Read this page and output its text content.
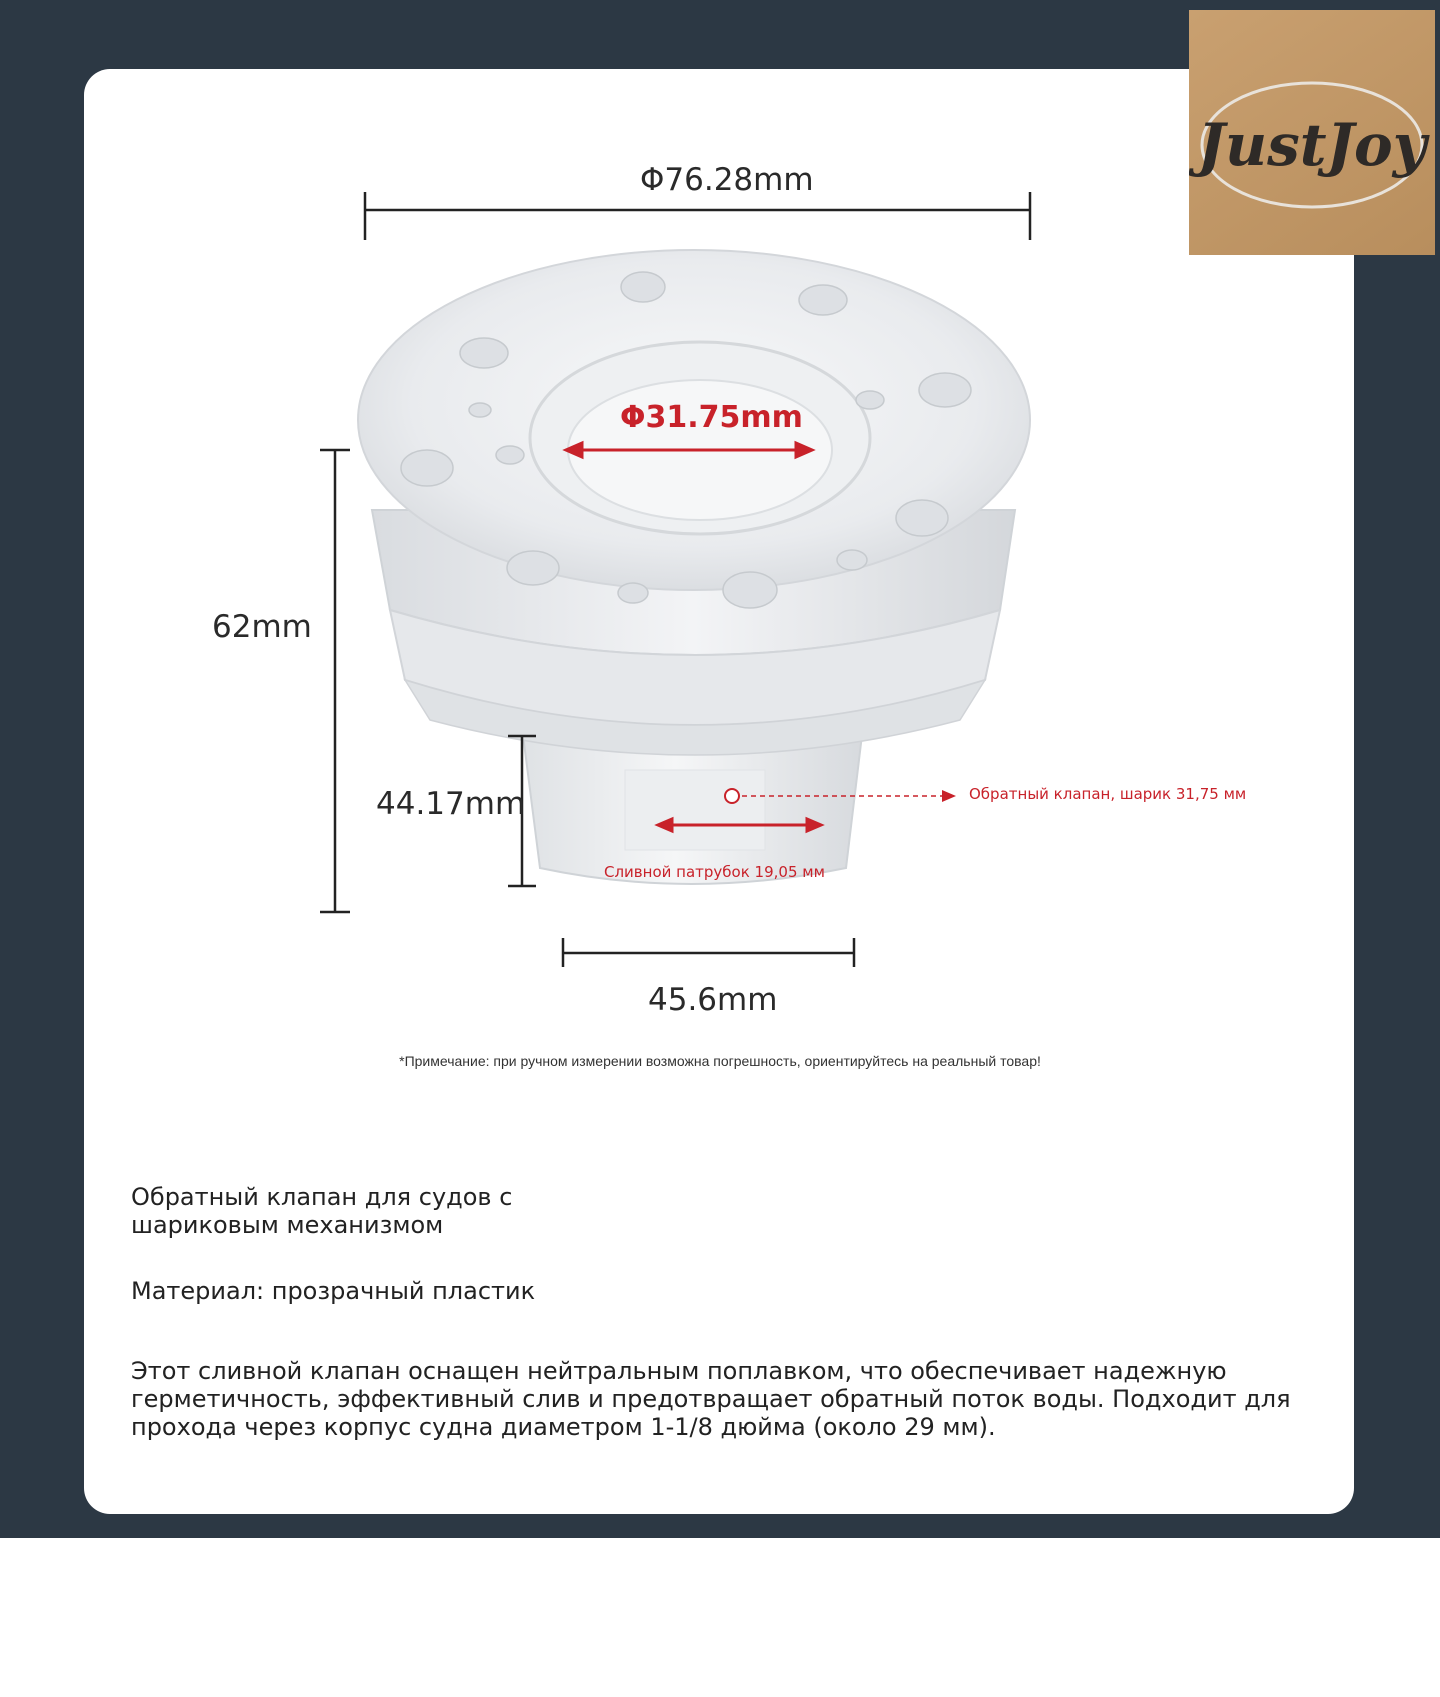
Φ76.28mm
Φ31.75mm
62mm
44.17mm
45.6mm
Обратный клапан, шарик 31,75 мм
Сливной патрубок 19,05 мм
*Примечание: при ручном измерении возможна погрешность, ориентируйтесь на реальный товар!

Обратный клапан для судов с

шариковым механизмом

Материал: прозрачный пластик

Этот сливной клапан оснащен нейтральным поплавком, что обеспечивает надежную

герметичность, эффективный слив и предотвращает обратный поток воды. Подходит для

прохода через корпус судна диаметром 1-1/8 дюйма (около 29 мм).

JustJoy
